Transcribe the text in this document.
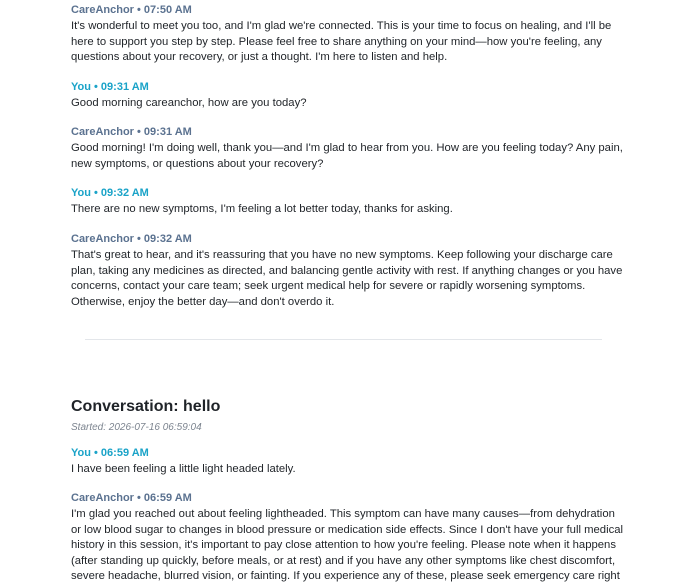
CareAnchor • 07:50 AM

It's wonderful to meet you too, and I'm glad we're connected. This is your time to focus on healing, and I'll be here to support you step by step. Please feel free to share anything on your mind—how you're feeling, any questions about your recovery, or just a thought. I'm here to listen and help.

You • 09:31 AM

Good morning careanchor, how are you today?

CareAnchor • 09:31 AM

Good morning! I'm doing well, thank you—and I'm glad to hear from you. How are you feeling today? Any pain, new symptoms, or questions about your recovery?

You • 09:32 AM

There are no new symptoms, I'm feeling a lot better today, thanks for asking.

CareAnchor • 09:32 AM

That's great to hear, and it's reassuring that you have no new symptoms. Keep following your discharge care plan, taking any medicines as directed, and balancing gentle activity with rest. If anything changes or you have concerns, contact your care team; seek urgent medical help for severe or rapidly worsening symptoms. Otherwise, enjoy the better day—and don't overdo it.

Conversation: hello

Started: 2026-07-16 06:59:04

You • 06:59 AM

I have been feeling a little light headed lately.

CareAnchor • 06:59 AM

I'm glad you reached out about feeling lightheaded. This symptom can have many causes—from dehydration or low blood sugar to changes in blood pressure or medication side effects. Since I don't have your full medical history in this session, it's important to pay close attention to how you're feeling. Please note when it happens (after standing up quickly, before meals, or at rest) and if you have any other symptoms like chest discomfort, severe headache, blurred vision, or fainting. If you experience any of these, please seek emergency care right
